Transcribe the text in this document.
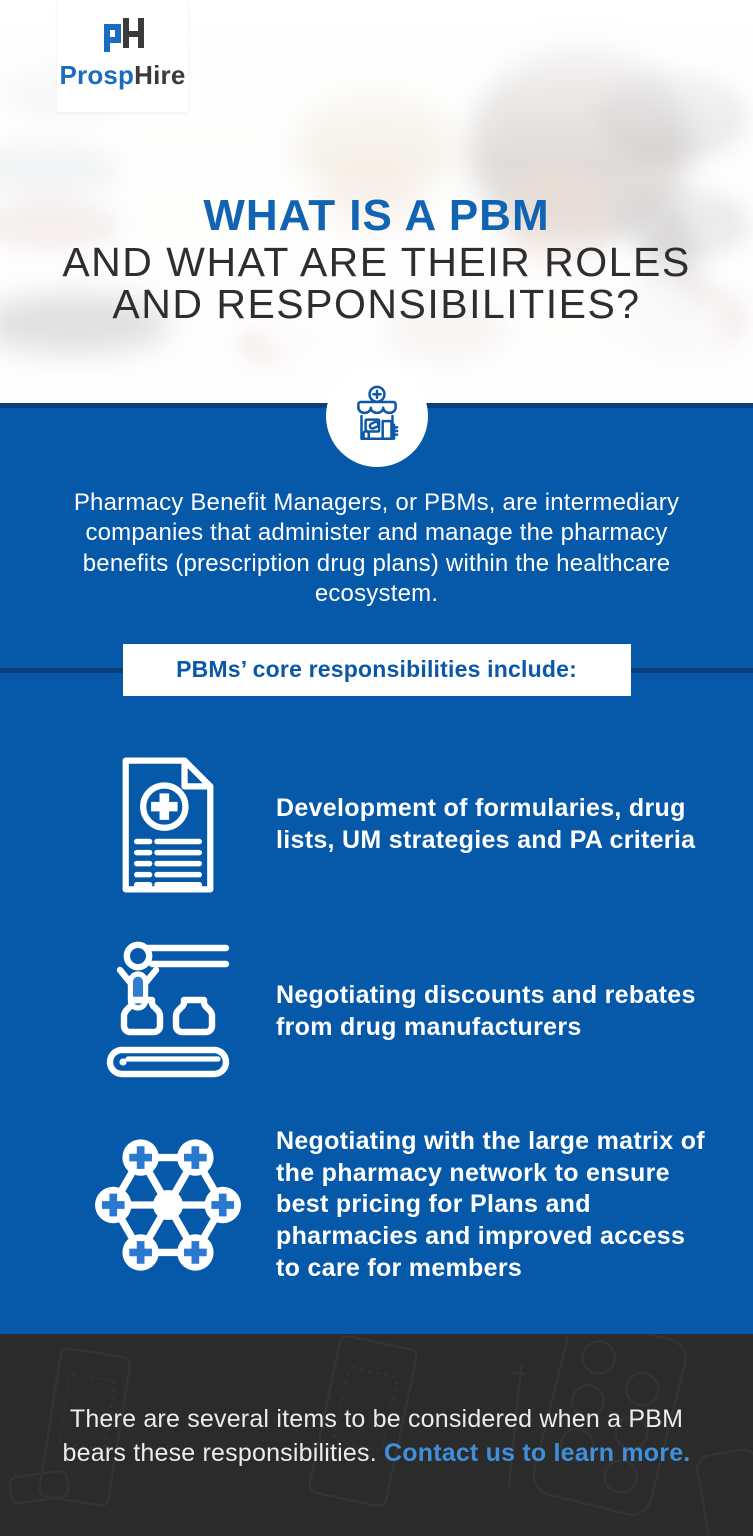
ProspHire
WHAT IS A PBM
AND WHAT ARE THEIR ROLES
AND RESPONSIBILITIES?

Pharmacy Benefit Managers, or PBMs, are intermediary companies that administer and manage the pharmacy benefits (prescription drug plans) within the healthcare ecosystem.

PBMs’ core responsibilities include:
Development of formularies, drug lists, UM strategies and PA criteria
Negotiating discounts and rebates from drug manufacturers
Negotiating with the large matrix of the pharmacy network to ensure best pricing for Plans and pharmacies and improved access to care for members

There are several items to be considered when a PBM bears these responsibilities. Contact us to learn more.
